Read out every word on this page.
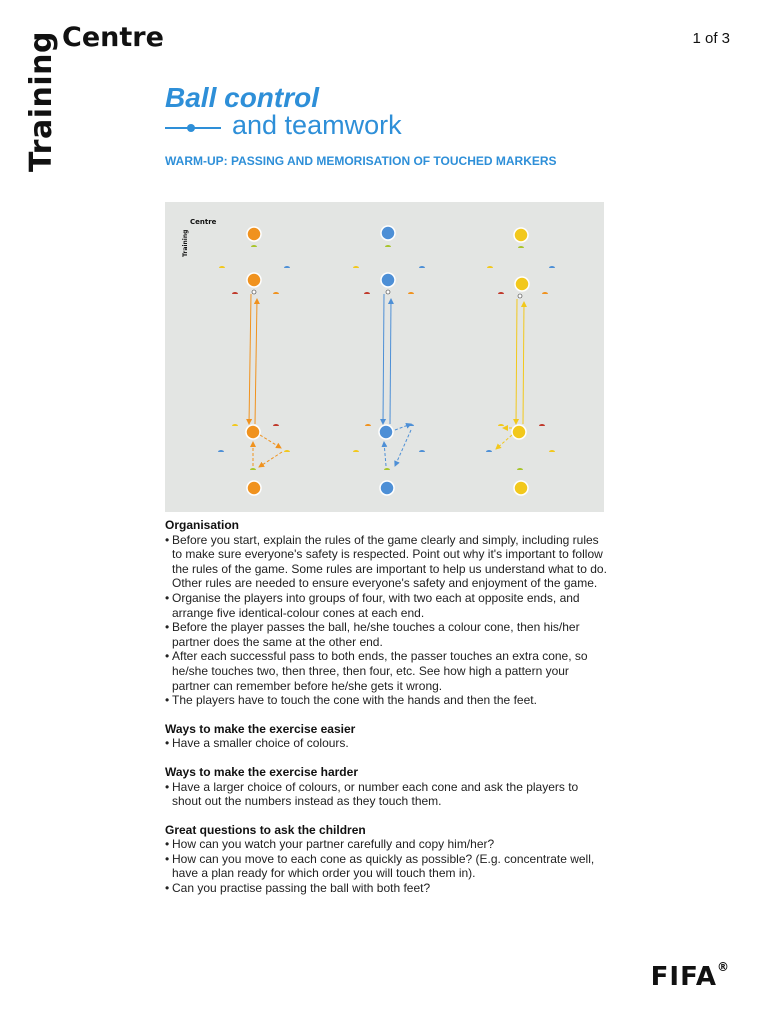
Training Centre	1 of 3
Ball control
and teamwork
WARM-UP: PASSING AND MEMORISATION OF TOUCHED MARKERS
Training
Centre
Organisation
• Before you start, explain the rules of the game clearly and simply, including rules to make sure everyone's safety is respected. Point out why it's important to follow the rules of the game. Some rules are important to help us understand what to do. Other rules are needed to ensure everyone's safety and enjoyment of the game.
• Organise the players into groups of four, with two each at opposite ends, and arrange five identical-colour cones at each end.
• Before the player passes the ball, he/she touches a colour cone, then his/her partner does the same at the other end.
• After each successful pass to both ends, the passer touches an extra cone, so he/she touches two, then three, then four, etc. See how high a pattern your partner can remember before he/she gets it wrong.
• The players have to touch the cone with the hands and then the feet.
Ways to make the exercise easier
• Have a smaller choice of colours.
Ways to make the exercise harder
• Have a larger choice of colours, or number each cone and ask the players to shout out the numbers instead as they touch them.
Great questions to ask the children
• How can you watch your partner carefully and copy him/her?
• How can you move to each cone as quickly as possible? (E.g. concentrate well, have a plan ready for which order you will touch them in).
• Can you practise passing the ball with both feet?
FIFA®
